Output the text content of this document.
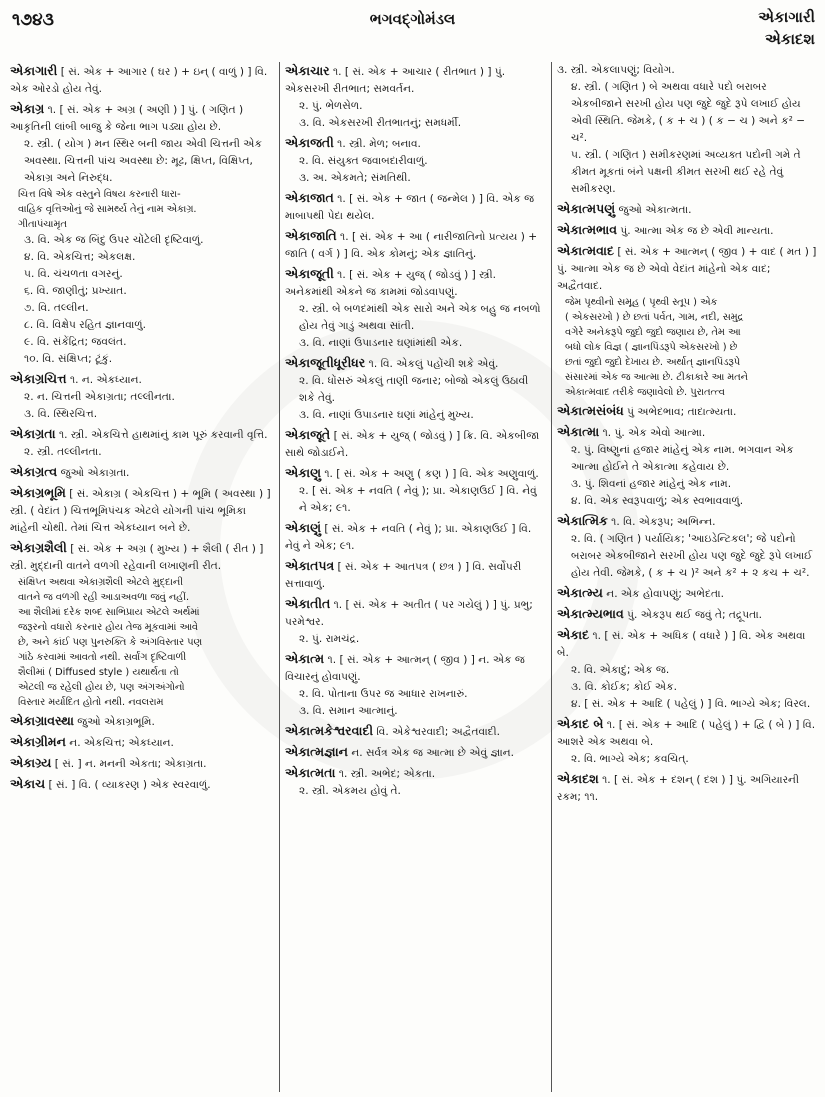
૧૭૪૩	ભગવદ્ગોમંડલ	એકાગારી
એકાદશ
એકાગારી [ સં. એક + આગાર ( ઘર ) + ઇન્ ( વાળું ) ] વિ. એક ઓરડો હોય તેવું.
એકાગ્ર ૧. [ સં. એક + અગ્ર ( અણી ) ] પું. ( ગણિત ) આકૃતિની લાંબી બાજુ કે જેના ભાગ પડ્યા હોય છે.
૨. સ્ત્રી. ( યોગ ) મન સ્થિર બની જાય એવી ચિત્તની એક અવસ્થા. ચિત્તની પાંચ અવસ્થા છે: મૂઢ, ક્ષિપ્ત, વિક્ષિપ્ત, એકાગ્ર અને નિરુદ્ધ.
ચિત્ત વિષે એક વસ્તુને વિષય કરનારી ધારા-
વાહિક વૃત્તિઓનું જે સામર્થ્ય તેનું નામ એકાગ્ર.
ગીતાપંચામૃત
૩. વિ. એક જ બિંદુ ઉપર ચોંટેલી દૃષ્ટિવાળું.
૪. વિ. એકચિત્ત; એકલક્ષ.
૫. વિ. ચંચળતા વગરનું.
૬. વિ. જાણીતું; પ્રખ્યાત.
૭. વિ. તલ્લીન.
૮. વિ. વિક્ષેપ રહિત જ્ઞાનવાળું.
૯. વિ. સંકેંદ્રિત; જવલંત.
૧૦. વિ. સંક્ષિપ્ત; ટૂંકું.
એકાગ્રચિત્ત ૧. ન. એકધ્યાન.
૨. ન. ચિત્તની એકાગ્રતા; તલ્લીનતા.
૩. વિ. સ્થિરચિત્ત.
એકાગ્રતા ૧. સ્ત્રી. એકચિત્તે હાથમાંનું કામ પૂરું કરવાની વૃત્તિ.
૨. સ્ત્રી. તલ્લીનતા.
એકાગ્રત્વ જુઓ એકાગ્રતા.
એકાગ્રભૂમિ [ સં. એકાગ્ર ( એકચિત્ત ) + ભૂમિ ( અવસ્થા ) ] સ્ત્રી. ( વેદાંત ) ચિત્તભૂમિપંચક એટલે યોગની પાંચ ભૂમિકા માંહેની ચોથી. તેમાં ચિત્ત એકધ્યાન બને છે.
એકાગ્રશૈલી [ સં. એક + અગ્ર ( મુખ્ય ) + શૈલી ( રીત ) ] સ્ત્રી. મુદ્દાની વાતને વળગી રહેવાની લખાણની રીત.
સંક્ષિપ્ત અથવા એકાગ્રશૈલી એટલે મુદ્દાની
વાતને જ વળગી રહી આડાઅવળા જવું નહીં.
આ શૈલીમાં દરેક શબ્દ સાભિપ્રાય એટલે અર્થમાં
જરૂરનો વધારો કરનાર હોય તેજ મૂકવામાં આવે
છે, અને કાંઈ પણ પુનરુક્તિ કે અંગવિસ્તાર પણ
ગાંઠે કરવામાં આવતો નથી. સર્વાંગ દૃષ્ટિવાળી
શૈલીમાં ( Diffused style ) યથાર્થતા તો
એટલી જ રહેલી હોય છે, પણ અંગઅંગોનો
વિસ્તાર મર્યાદિત હોતો નથી. નવલરામ
એકાગ્રાવસ્થા જુઓ એકાગ્રભૂમિ.
એકાગ્રીમન ન. એકચિત્ત; એકધ્યાન.
એકાગ્ર્ય [ સં. ] ન. મનની એકતા; એકાગ્રતા.
એકાચ [ સં. ] વિ. ( વ્યાકરણ ) એક સ્વરવાળું.
એકાચાર ૧. [ સં. એક + આચાર ( રીતભાત ) ] પું. એકસરખી રીતભાત; સમવર્તન.
૨. પું. ભેળસેળ.
૩. વિ. એકસરખી રીતભાતનું; સમધર્મી.
એકાજતી ૧. સ્ત્રી. મેળ; બનાવ.
૨. વિ. સંયુક્ત જવાબદારીવાળું.
૩. અ. એકમતે; સંમતિથી.
એકાજાત ૧. [ સં. એક + જાત ( જન્મેલ ) ] વિ. એક જ માબાપથી પેદા થયેલ.
એકાજાતિ ૧. [ સં. એક + આ ( નારીજાતિનો પ્રત્યય ) + જાતિ ( વર્ગ ) ] વિ. એક કોમનું; એક જ્ઞાતિનું.
એકાજૂતી ૧. [ સં. એક + યુજ્ ( જોડવું ) ] સ્ત્રી. અનેકમાંથી એકને જ કામમાં જોડવાપણું.
૨. સ્ત્રી. બે બળદમાંથી એક સારો અને એક બહુ જ નબળો હોય તેવું ગાડું અથવા સાંતી.
૩. વિ. નાણાં ઉપાડનાર ઘણાંમાંથી એક.
એકાજૂતીધૂરીધર ૧. વિ. એકલું પહોંચી શકે એવું.
૨. વિ. ધોંસરું એકલું તાણી જનાર; બોજો એકલું ઉઠાવી શકે તેવું.
૩. વિ. નાણાં ઉપાડનાર ઘણાં માંહેનું મુખ્ય.
એકાજૂતે [ સં. એક + યુજ્ ( જોડવું ) ] ક્રિ. વિ. એકબીજા સાથે જોડાઈને.
એકાણુ ૧. [ સં. એક + અણુ ( કણ ) ] વિ. એક અણુવાળું.
૨. [ સં. એક + નવતિ ( નેવું ); પ્રા. એકાણઉઈ ] વિ. નેવું ને એક; ૯૧.
એકાણું [ સં. એક + નવતિ ( નેવું ); પ્રા. એકાણઉઈ ] વિ. નેવું ને એક; ૯૧.
એકાતપત્ર [ સં. એક + આતપત્ર ( છત્ર ) ] વિ. સર્વોપરી સત્તાવાળું.
એકાતીત ૧. [ સં. એક + અતીત ( પર ગયેલું ) ] પું. પ્રભુ; પરમેશ્વર.
૨. પું. રામચંદ્ર.
એકાત્મ ૧. [ સં. એક + આત્મન્ ( જીવ ) ] ન. એક જ વિચારનું હોવાપણું.
૨. વિ. પોતાના ઉપર જ આધાર રાખનારું.
૩. વિ. સમાન આત્માનું.
એકાત્મકેશ્વરવાદી વિ. એકેશ્વરવાદી; અદ્વૈતવાદી.
એકાત્મજ્ઞાન ન. સર્વત્ર એક જ આત્મા છે એવું જ્ઞાન.
એકાત્મતા ૧. સ્ત્રી. અભેદ; એકતા.
૨. સ્ત્રી. એકમય હોવું તે.
૩. સ્ત્રી. એકલાપણું; વિયોગ.
૪. સ્ત્રી. ( ગણિત ) બે અથવા વધારે પદો બરાબર એકબીજાને સરખી હોય પણ જુદે જુદે રૂપે લખાઈ હોય એવી સ્થિતિ. જેમકે, ( ક + ચ ) ( ક − ચ ) અને ક² − ચ².
૫. સ્ત્રી. ( ગણિત ) સમીકરણમાં અવ્યક્ત પદોની ગમે તે કીમત મૂકતાં બંને પક્ષની કીમત સરખી થઈ રહે તેવું સમીકરણ.
એકાત્મપણું જુઓ એકાત્મતા.
એકાત્મભાવ પું. આત્મા એક જ છે એવી માન્યતા.
એકાત્મવાદ [ સં. એક + આત્મન્ ( જીવ ) + વાદ ( મત ) ] પું. આત્મા એક જ છે એવો વેદાંત માંહેનો એક વાદ; અદ્વૈતવાદ.
જેમ પૃથ્વીનો સમૂહ ( પૃથ્વી સ્તૂપ ) એક
( એકસરખો ) છે છતાં પર્વત, ગામ, નદી, સમુદ્ર
વગેરે અનેકરૂપે જુદો જુદો જણાય છે, તેમ આ
બધો લોક વિજ્ઞ ( જ્ઞાનપિંડરૂપે એકસરખો ) છે
છતાં જુદો જુદો દેખાય છે. અર્થાત્ જ્ઞાનપિંડરૂપે
સંસારમાં એક જ આત્મા છે. ટીકાકારે આ મતને
એકાત્મવાદ તરીકે જણાવેલો છે. પુરાતત્ત્વ
એકાત્મસંબંધ પું અભેદભાવ; તાદાત્મ્યતા.
એકાત્મા ૧. પું. એક એવો આત્મા.
૨. પું. વિષ્ણુનાં હજાર માંહેનું એક નામ. ભગવાન એક આત્મા હોઈને તે એકાત્મા કહેવાય છે.
૩. પું. શિવનાં હજાર માંહેનું એક નામ.
૪. વિ. એક સ્વરૂપવાળું; એક સ્વભાવવાળું.
એકાત્મિક ૧. વિ. એકરૂપ; અભિન્ન.
૨. વિ. ( ગણિત ) પર્યાયિક; 'આઇડેન્ટિકલ'; જે પદોનો બરાબર એકબીજાને સરખી હોય પણ જુદે જુદે રૂપે લખાઈ હોય તેવી. જેમકે, ( ક + ચ )² અને ક² + ૨ કચ + ચ².
એકાત્મ્ય ન. એક હોવાપણું; અભેદતા.
એકાત્મ્યભાવ પું. એકરૂપ થઈ જવું તે; તદ્રૂપતા.
એકાદ ૧. [ સં. એક + અધિક ( વધારે ) ] વિ. એક અથવા બે.
૨. વિ. એકાદું; એક જ.
૩. વિ. કોઈક; કોઈ એક.
૪. [ સં. એક + આદિ ( પહેલું ) ] વિ. ભાગ્યે એક; વિરલ.
એકાદ બે ૧. [ સં. એક + આદિ ( પહેલું ) + દ્વિ ( બે ) ] વિ. આશરે એક અથવા બે.
૨. વિ. ભાગ્યે એક; કવચિત્.
એકાદશ ૧. [ સં. એક + દશન્ ( દશ ) ] પું. અગિયારની રકમ; ૧૧.
